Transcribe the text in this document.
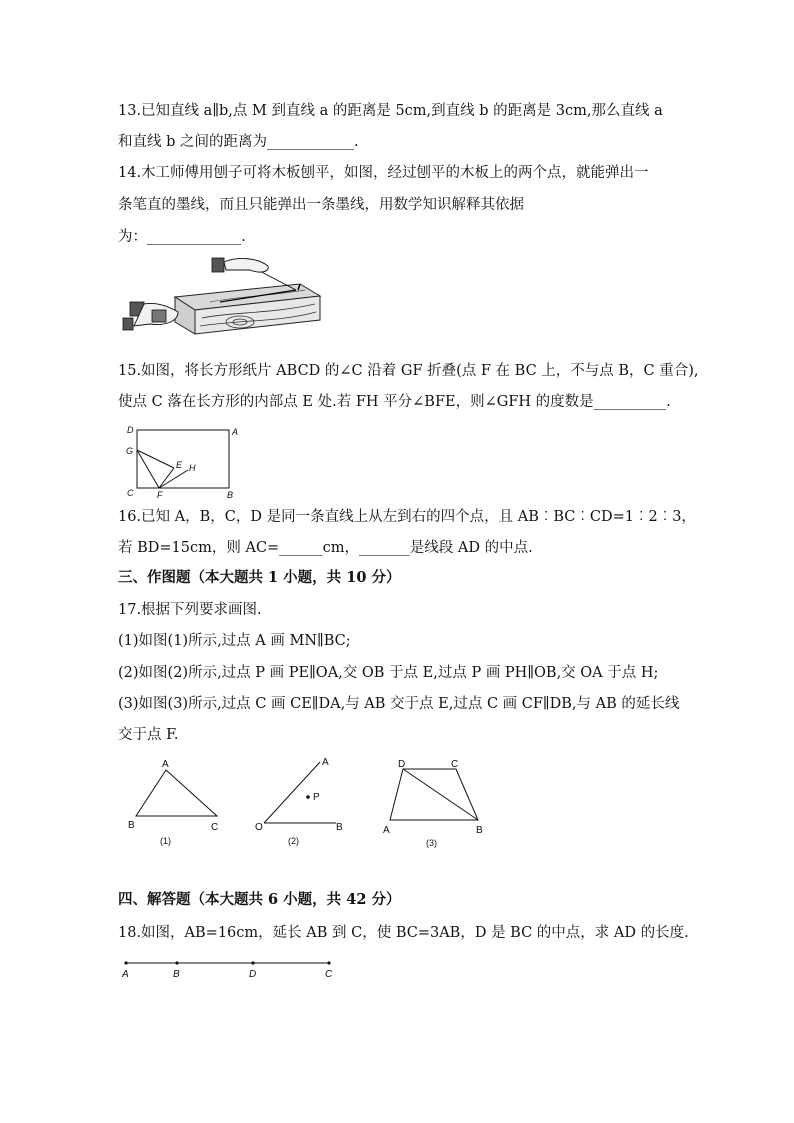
13.已知直线 a∥b,点 M 到直线 a 的距离是 5cm,到直线 b 的距离是 3cm,那么直线 a
和直线 b 之间的距离为____________.
14.木工师傅用刨子可将木板刨平，如图，经过刨平的木板上的两个点，就能弹出一
条笔直的墨线，而且只能弹出一条墨线，用数学知识解释其依据
为：_____________.
15.如图，将长方形纸片 ABCD 的∠C 沿着 GF 折叠(点 F 在 BC 上，不与点 B，C 重合),
使点 C 落在长方形的内部点 E 处.若 FH 平分∠BFE，则∠GFH 的度数是__________.
D	A
G
E H
C	F	B
16.已知 A，B，C，D 是同一条直线上从左到右的四个点，且 AB︰BC︰CD=1︰2︰3，
若 BD=15cm，则 AC=______cm，_______是线段 AD 的中点.
三、作图题（本大题共 1 小题，共 10 分）
17.根据下列要求画图.
(1)如图(1)所示,过点 A 画 MN∥BC;
(2)如图(2)所示,过点 P 画 PE∥OA,交 OB 于点 E,过点 P 画 PH∥OB,交 OA 于点 H;
(3)如图(3)所示,过点 C 画 CE∥DA,与 AB 交于点 E,过点 C 画 CF∥DB,与 AB 的延长线
交于点 F.
A
B	C
(1)
A
P
O	B
(2)
D	C
A	B
(3)
四、解答题（本大题共 6 小题，共 42 分）
18.如图，AB=16cm，延长 AB 到 C，使 BC=3AB，D 是 BC 的中点，求 AD 的长度.
A	B	D	C
